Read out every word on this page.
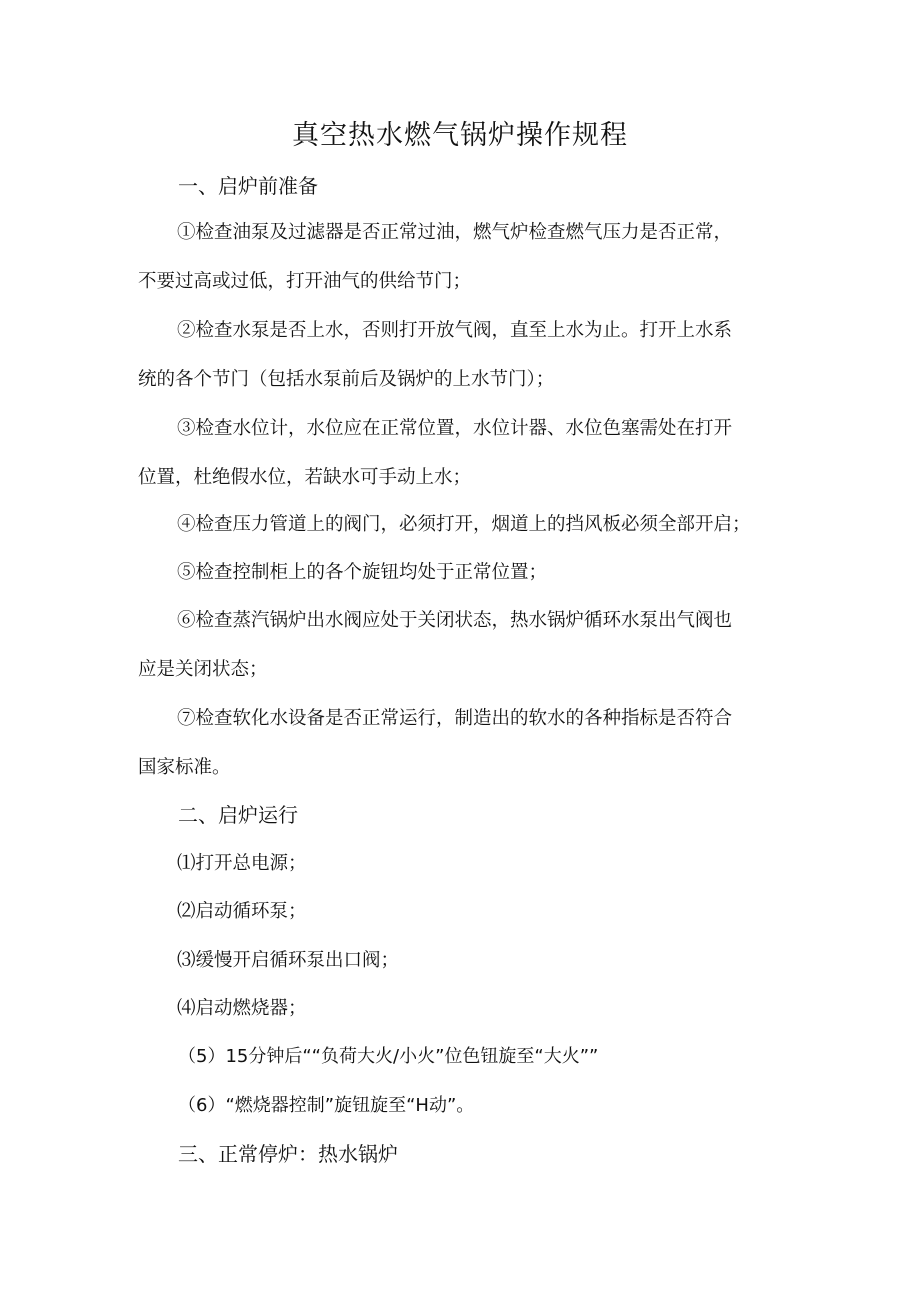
真空热水燃气锅炉操作规程
一、启炉前准备
①检查油泵及过滤器是否正常过油，燃气炉检查燃气压力是否正常，
不要过高或过低，打开油气的供给节门；
②检查水泵是否上水，否则打开放气阀，直至上水为止。打开上水系
统的各个节门（包括水泵前后及锅炉的上水节门）；
③检查水位计，水位应在正常位置，水位计器、水位色塞需处在打开
位置，杜绝假水位，若缺水可手动上水；
④检查压力管道上的阀门，必须打开，烟道上的挡风板必须全部开启；
⑤检查控制柜上的各个旋钮均处于正常位置；
⑥检查蒸汽锅炉出水阀应处于关闭状态，热水锅炉循环水泵出气阀也
应是关闭状态；
⑦检查软化水设备是否正常运行，制造出的软水的各种指标是否符合
国家标准。
二、启炉运行
⑴打开总电源；
⑵启动循环泵；
⑶缓慢开启循环泵出口阀；
⑷启动燃烧器；
（5）15分钟后““负荷大火/小火”位色钮旋至“大火””
（6）“燃烧器控制”旋钮旋至“H动”。
三、正常停炉：热水锅炉
